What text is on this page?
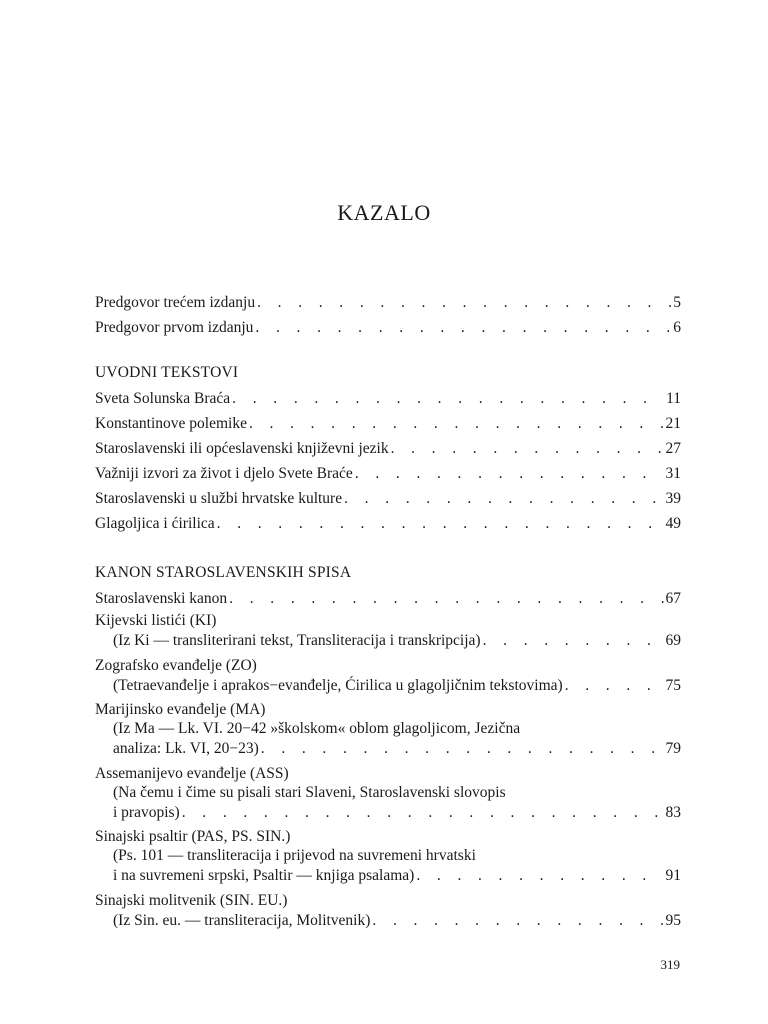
KAZALO
Predgovor trećem izdanju . . .	5
Predgovor prvom izdanju . . .	6
UVODNI TEKSTOVI
Sveta Solunska Braća . . .	11
Konstantinove polemike . . .	21
Staroslavenski ili općeslavenski književni jezik . . .	27
Važniji izvori za život i djelo Svete Braće . . .	31
Staroslavenski u službi hrvatske kulture . . .	39
Glagoljica i ćirilica . . .	49
KANON STAROSLAVENSKIH SPISA
Staroslavenski kanon . . .	67
Kijevski listići (KI)
(Iz Ki — transliterirani tekst, Transliteracija i transkripcija) . . .	69
Zografsko evanđelje (ZO)
(Tetraevanđelje i aprakos−evanđelje, Ćirilica u glagoljičnim tekstovima) . . .	75
Marijinsko evanđelje (MA)
(Iz Ma — Lk. VI. 20−42 »školskom« oblom glagoljicom, Jezična
analiza: Lk. VI, 20−23) . . .	79
Assemanijevo evanđelje (ASS)
(Na čemu i čime su pisali stari Slaveni, Staroslavenski slovopis
i pravopis) . . .	83
Sinajski psaltir (PAS, PS. SIN.)
(Ps. 101 — transliteracija i prijevod na suvremeni hrvatski
i na suvremeni srpski, Psaltir — knjiga psalama) . . .	91
Sinajski molitvenik (SIN. EU.)
(Iz Sin. eu. — transliteracija, Molitvenik) . . .	95
319
